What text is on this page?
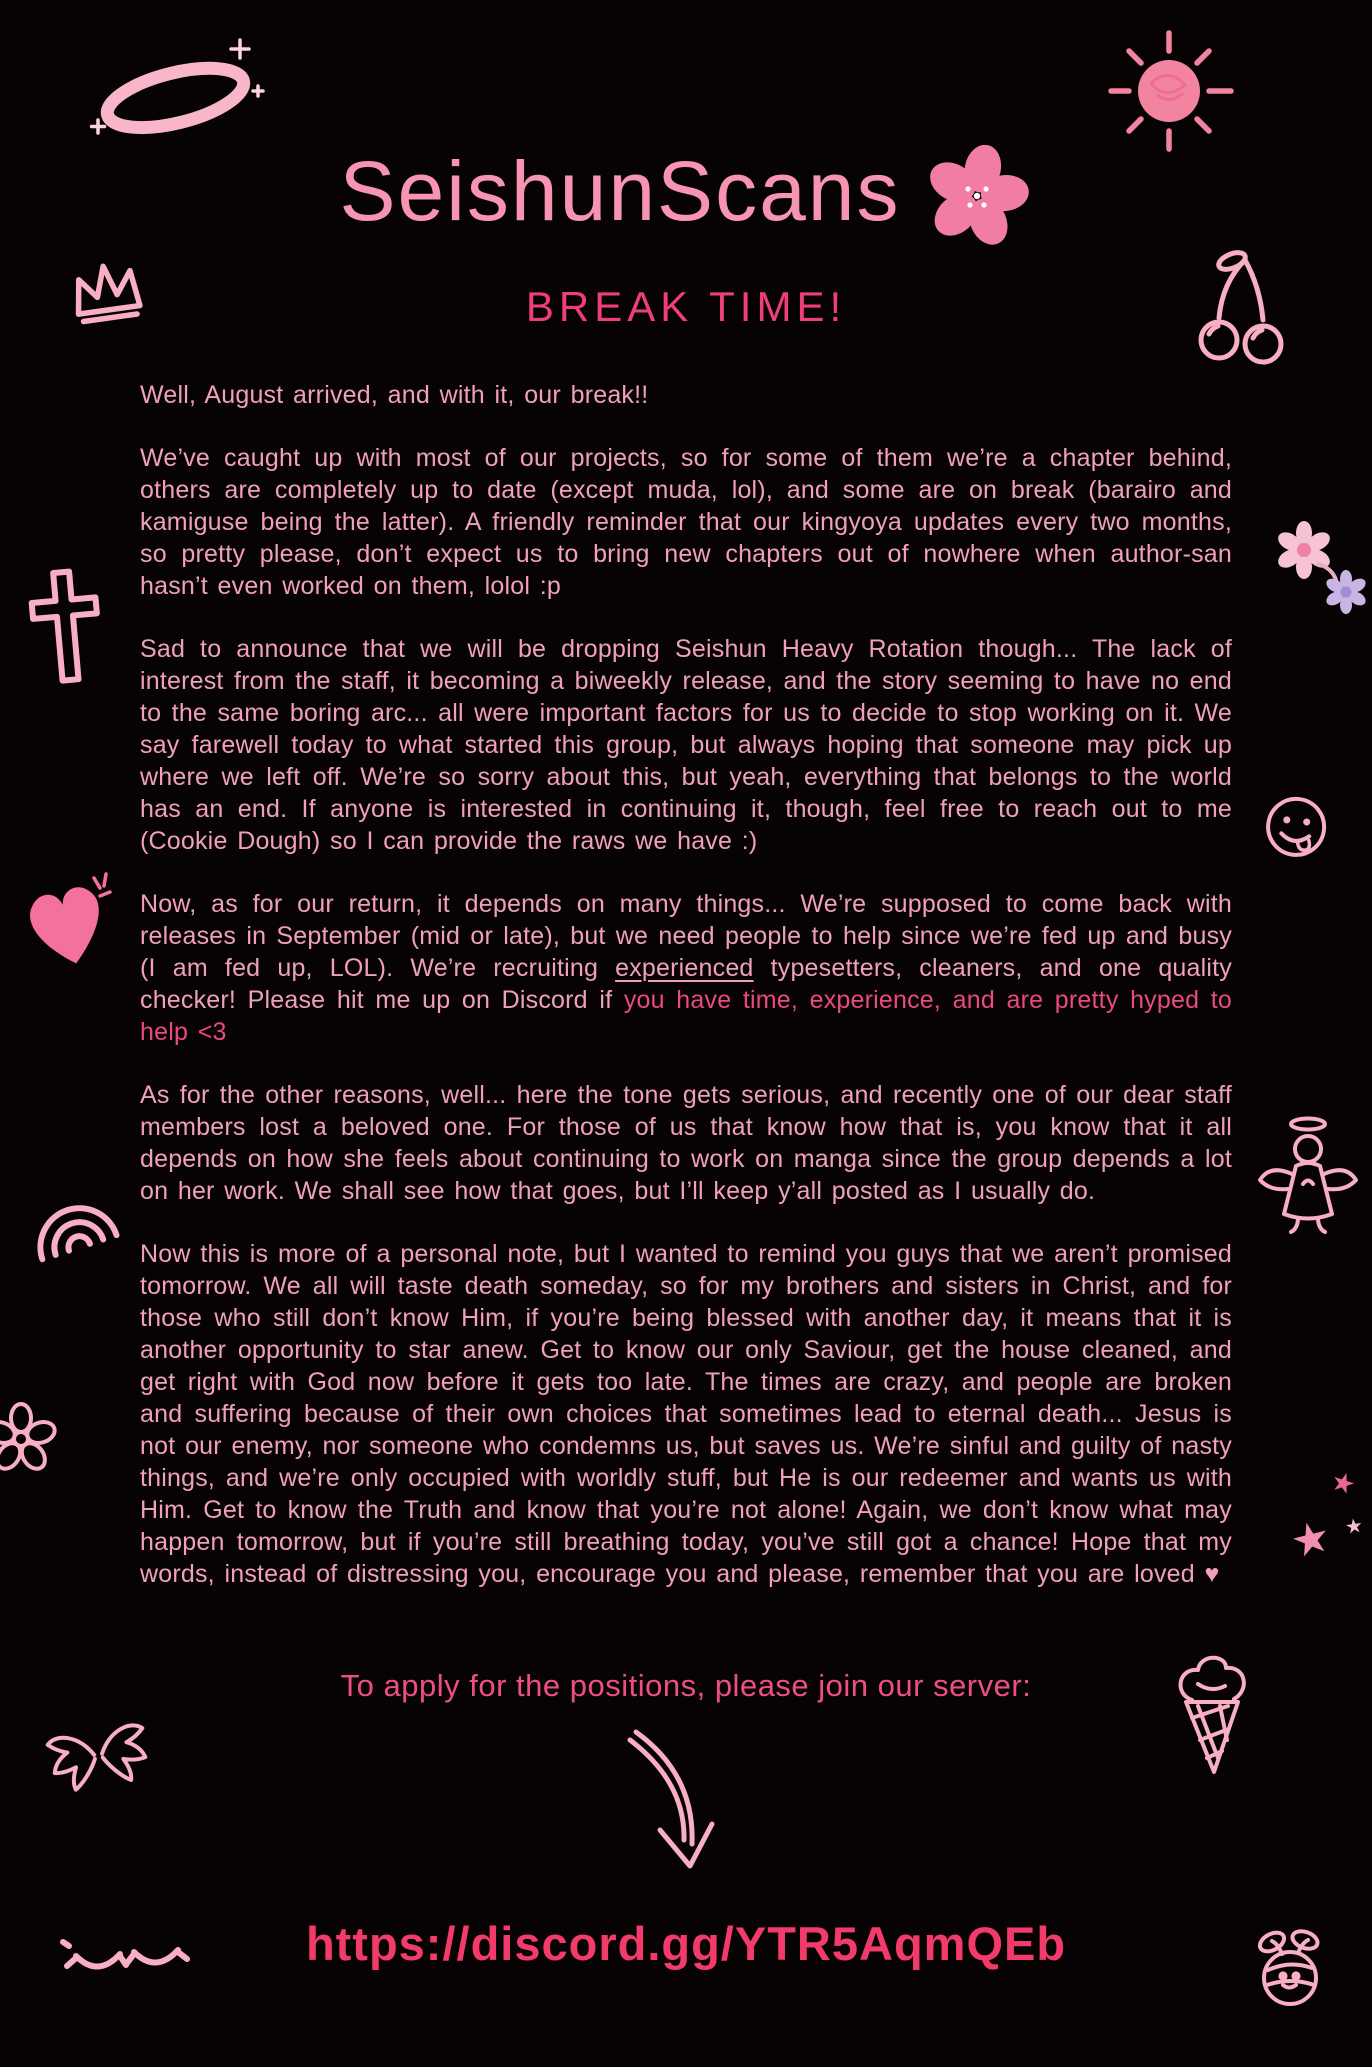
★
★
★
SeishunScans
BREAK TIME!

Well, August arrived, and with it, our break!!

We’ve caught up with most of our projects, so for some of them we’re a chapter behind, others are completely up to date (except muda, lol), and some are on break (barairo and kamiguse being the latter). A friendly reminder that our kingyoya updates every two months, so pretty please, don’t expect us to bring new chapters out of nowhere when author-san hasn’t even worked on them, lolol :p

Sad to announce that we will be dropping Seishun Heavy Rotation though... The lack of interest from the staff, it becoming a biweekly release, and the story seeming to have no end to the same boring arc... all were important factors for us to decide to stop working on it. We say farewell today to what started this group, but always hoping that someone may pick up where we left off. We’re so sorry about this, but yeah, everything that belongs to the world has an end. If anyone is interested in continuing it, though, feel free to reach out to me (Cookie Dough) so I can provide the raws we have :)

Now, as for our return, it depends on many things... We’re supposed to come back with releases in September (mid or late), but we need people to help since we’re fed up and busy (I am fed up, LOL). We’re recruiting experienced typesetters, cleaners, and one quality checker! Please hit me up on Discord if you have time, experience, and are pretty hyped to help <3

As for the other reasons, well... here the tone gets serious, and recently one of our dear staff members lost a beloved one. For those of us that know how that is, you know that it all depends on how she feels about continuing to work on manga since the group depends a lot on her work. We shall see how that goes, but I’ll keep y’all posted as I usually do.

Now this is more of a personal note, but I wanted to remind you guys that we aren’t promised tomorrow. We all will taste death someday, so for my brothers and sisters in Christ, and for those who still don’t know Him, if you’re being blessed with another day, it means that it is another opportunity to star anew. Get to know our only Saviour, get the house cleaned, and get right with God now before it gets too late. The times are crazy, and people are broken and suffering because of their own choices that sometimes lead to eternal death... Jesus is not our enemy, nor someone who condemns us, but saves us. We’re sinful and guilty of nasty things, and we’re only occupied with worldly stuff, but He is our redeemer and wants us with Him. Get to know the Truth and know that you’re not alone! Again, we don’t know what may happen tomorrow, but if you’re still breathing today, you’ve still got a chance! Hope that my words, instead of distressing you, encourage you and please, remember that you are loved ♥

To apply for the positions, please join our server:
https://discord.gg/YTR5AqmQEb
